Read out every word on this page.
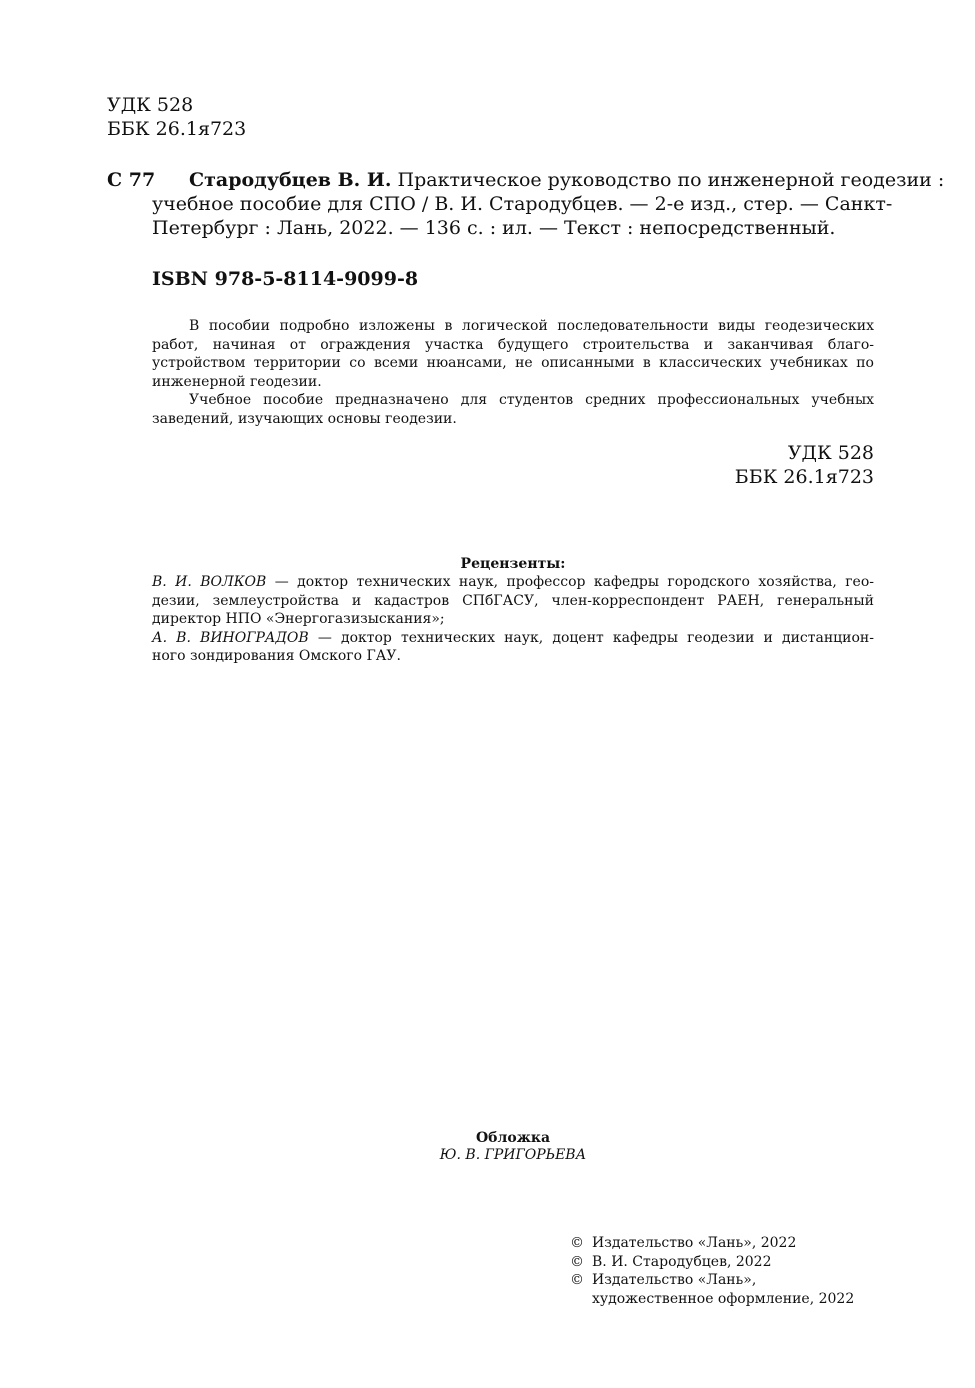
УДК 528
ББК 26.1я723
С 77	Стародубцев В. И. Практическое руководство по инженерной геодезии :
учебное пособие для СПО / В. И. Стародубцев. — 2-е изд., стер. — Санкт-
Петербург : Лань, 2022. — 136 с. : ил. — Текст : непосредственный.
ISBN 978-5-8114-9099-8
В пособии подробно изложены в логической последовательности виды геодезических
работ, начиная от ограждения участка будущего строительства и заканчивая благо-
устройством территории со всеми нюансами, не описанными в классических учебниках по
инженерной геодезии.
Учебное пособие предназначено для студентов средних профессиональных учебных
заведений, изучающих основы геодезии.
УДК 528
ББК 26.1я723
Рецензенты:
В. И. ВОЛКОВ — доктор технических наук, профессор кафедры городского хозяйства, гео-
дезии, землеустройства и кадастров СПбГАСУ, член-корреспондент РАЕН, генеральный
директор НПО «Энергогазизыскания»;
А. В. ВИНОГРАДОВ — доктор технических наук, доцент кафедры геодезии и дистанцион-
ного зондирования Омского ГАУ.
Обложка
Ю. В. ГРИГОРЬЕВА
© Издательство «Лань», 2022
© В. И. Стародубцев, 2022
© Издательство «Лань»,
художественное оформление, 2022
